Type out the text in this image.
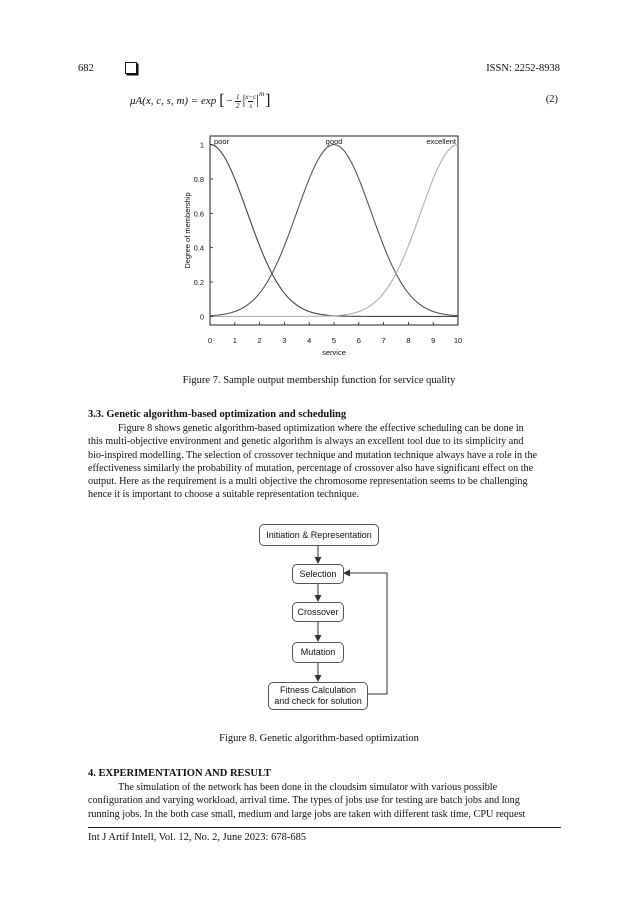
682	ISSN: 2252-8938
μA(x, c, s, m) = exp [ − $\frac{1}{2}$ | $\frac{x-c}{s}$ | m ]	(2)
0	1	2	3	4	5	6	7	8	9 10
0
0.2
0.4
0.6
0.8
1 poor	good	excellent
service
Degree of membership
Figure 7. Sample output membership function for service quality
3.3. Genetic algorithm-based optimization and scheduling
Figure 8 shows genetic algorithm-based optimization where the effective scheduling can be done in
this multi-objective environment and genetic algorithm is always an excellent tool due to its simplicity and
bio-inspired modelling. The selection of crossover technique and mutation technique always have a role in the
effectiveness similarly the probability of mutation, percentage of crossover also have significant effect on the
output. Here as the requirement is a multi objective the chromosome representation seems to be challenging
hence it is important to choose a suitable representation technique.
Initiation & Representation
Selection
Crossover
Mutation
Fitness Calculation
and check for solution
Figure 8. Genetic algorithm-based optimization
4. EXPERIMENTATION AND RESULT
The simulation of the network has been done in the cloudsim simulator with various possible
configuration and varying workload, arrival time. The types of jobs use for testing are batch jobs and long
running jobs. In the both case small, medium and large jobs are taken with different task time, CPU request
Int J Artif Intell, Vol. 12, No. 2, June 2023: 678-685
